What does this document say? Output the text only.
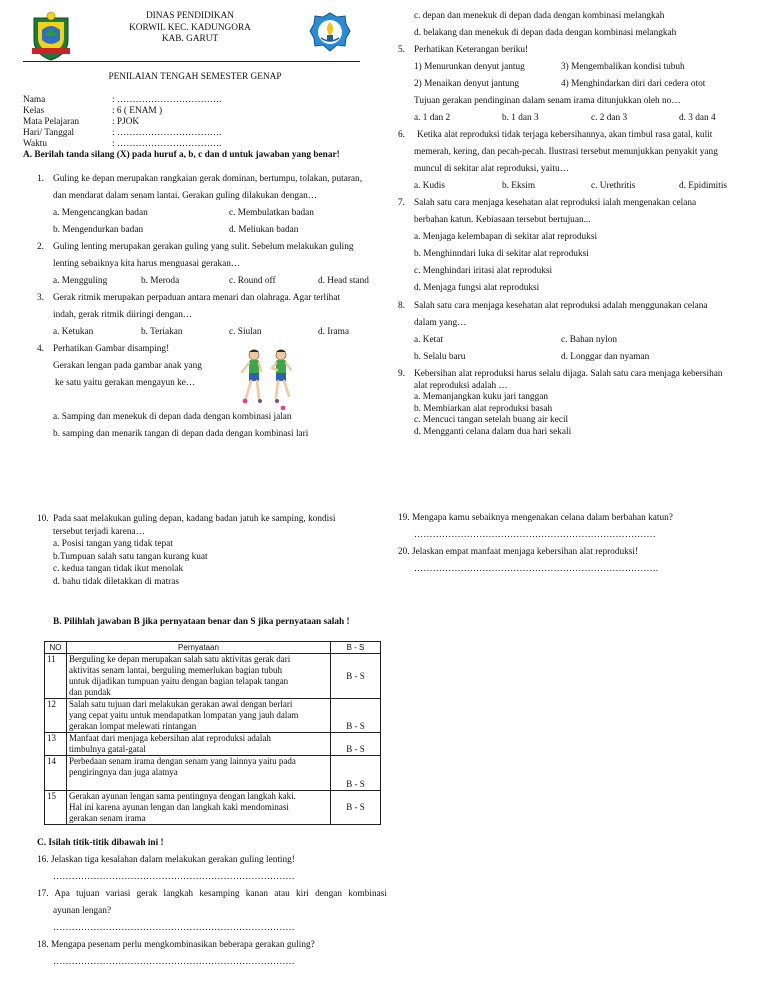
DINAS PENDIDIKAN
KORWIL KEC. KADUNGORA
KAB. GARUT
PENILAIAN TENGAH SEMESTER GENAP
Nama	: …………………………….
Kelas	: 6 ( ENAM )
Mata Pelajaran	: PJOK
Hari/ Tanggal	: …………………………….
Waktu	: …………………………….
A. Berilah tanda silang (X) pada huruf a, b, c dan d untuk jawaban yang benar!
1. Guling ke depan merupakan rangkaian gerak dominan, bertumpu, tolakan, putaran,
dan mendarat dalam senam lantai. Gerakan guling dilakukan dengan…
a. Mengencangkan badan	c. Membulatkan badan
b. Mengendurkan badan	d. Meliukan badan
2. Guling lenting merupakan gerakan guling yang sulit. Sebelum melakukan guling
lenting sebaiknya kita harus menguasai gerakan…
a. Mengguling	b. Meroda	c. Round off	d. Head stand
3. Gerak ritmik merupakan perpaduan antara menari dan olahraga. Agar terlihat
indah, gerak ritmik diiringi dengan…
a. Ketukan	b. Teriakan	c. Siulan	d. Irama
4. Perhatikan Gambar disamping!
Gerakan lengan pada gambar anak yang
ke satu yaitu gerakan mengayun ke…
a. Samping dan menekuk di depan dada dengan kombinasi jalan
b. samping dan menarik tangan di depan dada dengan kombinasi lari
c. depan dan menekuk di depan dada dengan kombinasi melangkah
d. belakang dan menekuk di depan dada dengan kombinasi melangkah
5. Perhatikan Keterangan beriku!
1) Menurunkan denyut jantug	3) Mengembalikan kondisi tubuh
2) Menaikan denyut jantung	4) Menghindarkan diri dari cedera otot
Tujuan gerakan pendinginan dalam senam irama ditunjukkan oleh no…
a. 1 dan 2	b. 1 dan 3	c. 2 dan 3	d. 3 dan 4
6.	Ketika alat reproduksi tidak terjaga kebersihannya, akan timbul rasa gatal, kulit
memerah, kering, dan pecah-pecah. Ilustrasi tersebut menunjukkan penyakit yang
muncul di sekitar alat reproduksi, yaitu…
a. Kudis	b. Eksim	c. Urethritis	d. Epidimitis
7. Salah satu cara menjaga kesehatan alat reproduksi ialah mengenakan celana
berbahan katun. Kebiasaan tersebut bertujuan...
a. Menjaga kelembapan di sekitar alat reproduksi
b. Menghinndari luka di sekitar alat reproduksi
c. Menghindari iritasi alat reproduksi
d. Menjaga fungsi alat reproduksi
8. Salah satu cara menjaga kesehatan alat reproduksi adalah menggunakan celana
dalam yang…
a. Ketat	c. Bahan nylon
b. Selalu baru	d. Longgar dan nyaman
9. Kebersihan alat reproduksi harus selalu dijaga. Salah satu cara menjaga kebersihan
alat reproduksi adalah …
a. Memanjangkan kuku jari tanggan
b. Membiarkan alat reproduksi basah
c. Mencuci tangan setelah buang air kecil
d. Mengganti celana dalam dua hari sekali
10. Pada saat melakukan guling depan, kadang badan jatuh ke samping, kondisi
tersebut terjadi karena…
a. Posisi tangan yang tidak tepat
b.Tumpuan salah satu tangan kurang kuat
c. kedua tangan tidak ikut menolak
d. bahu tidak diletakkan di matras
B. Pilihlah jawaban B jika pernyataan benar dan S jika pernyataan salah !
NO	Pernyataan	B - S
11	Berguling ke depan merupakan salah satu aktivitas gerak dari
aktivitas senam lantai, berguling memerlukan bagian tubuh
untuk dijadikan tumpuan yaitu dengan bagian telapak tangan
dan pundak	B - S
12	Salah satu tujuan dari melakukan gerakan awal dengan berlari
yang cepat yaitu untuk mendapatkan lompatan yang jauh dalam
gerakan lompat melewati rintangan	B - S
13	Manfaat dari menjaga kebersihan alat reproduksi adalah
timbulnya gatal-gatal	B - S
14	Perbedaan senam irama dengan senam yang lainnya yaitu pada
pengiringnya dan juga alatnya	B - S
15	Gerakan ayunan lengan sama pentingnya dengan langkah kaki.
Hal ini karena ayunan lengan dan langkah kaki mendominasi
gerakan senam irama	B - S
C. Isilah titik-titik dibawah ini !
16. Jelaskan tiga kesalahan dalam melakukan gerakan guling lenting!
……………………………………………………………………
17. Apa tujuan variasi gerak langkah kesamping kanan atau kiri dengan kombinasi
ayunan lengan?
……………………………………………………………………
18. Mengapa pesenam perlu mengkombinasikan beberapa gerakan guling?
……………………………………………………………………
19. Mengapa kamu sebaiknya mengenakan celana dalam berbahan katun?
……………………………………………………………………
20. Jelaskan empat manfaat menjaga kebersihan alat reproduksi!
…………………………………………………………………….
